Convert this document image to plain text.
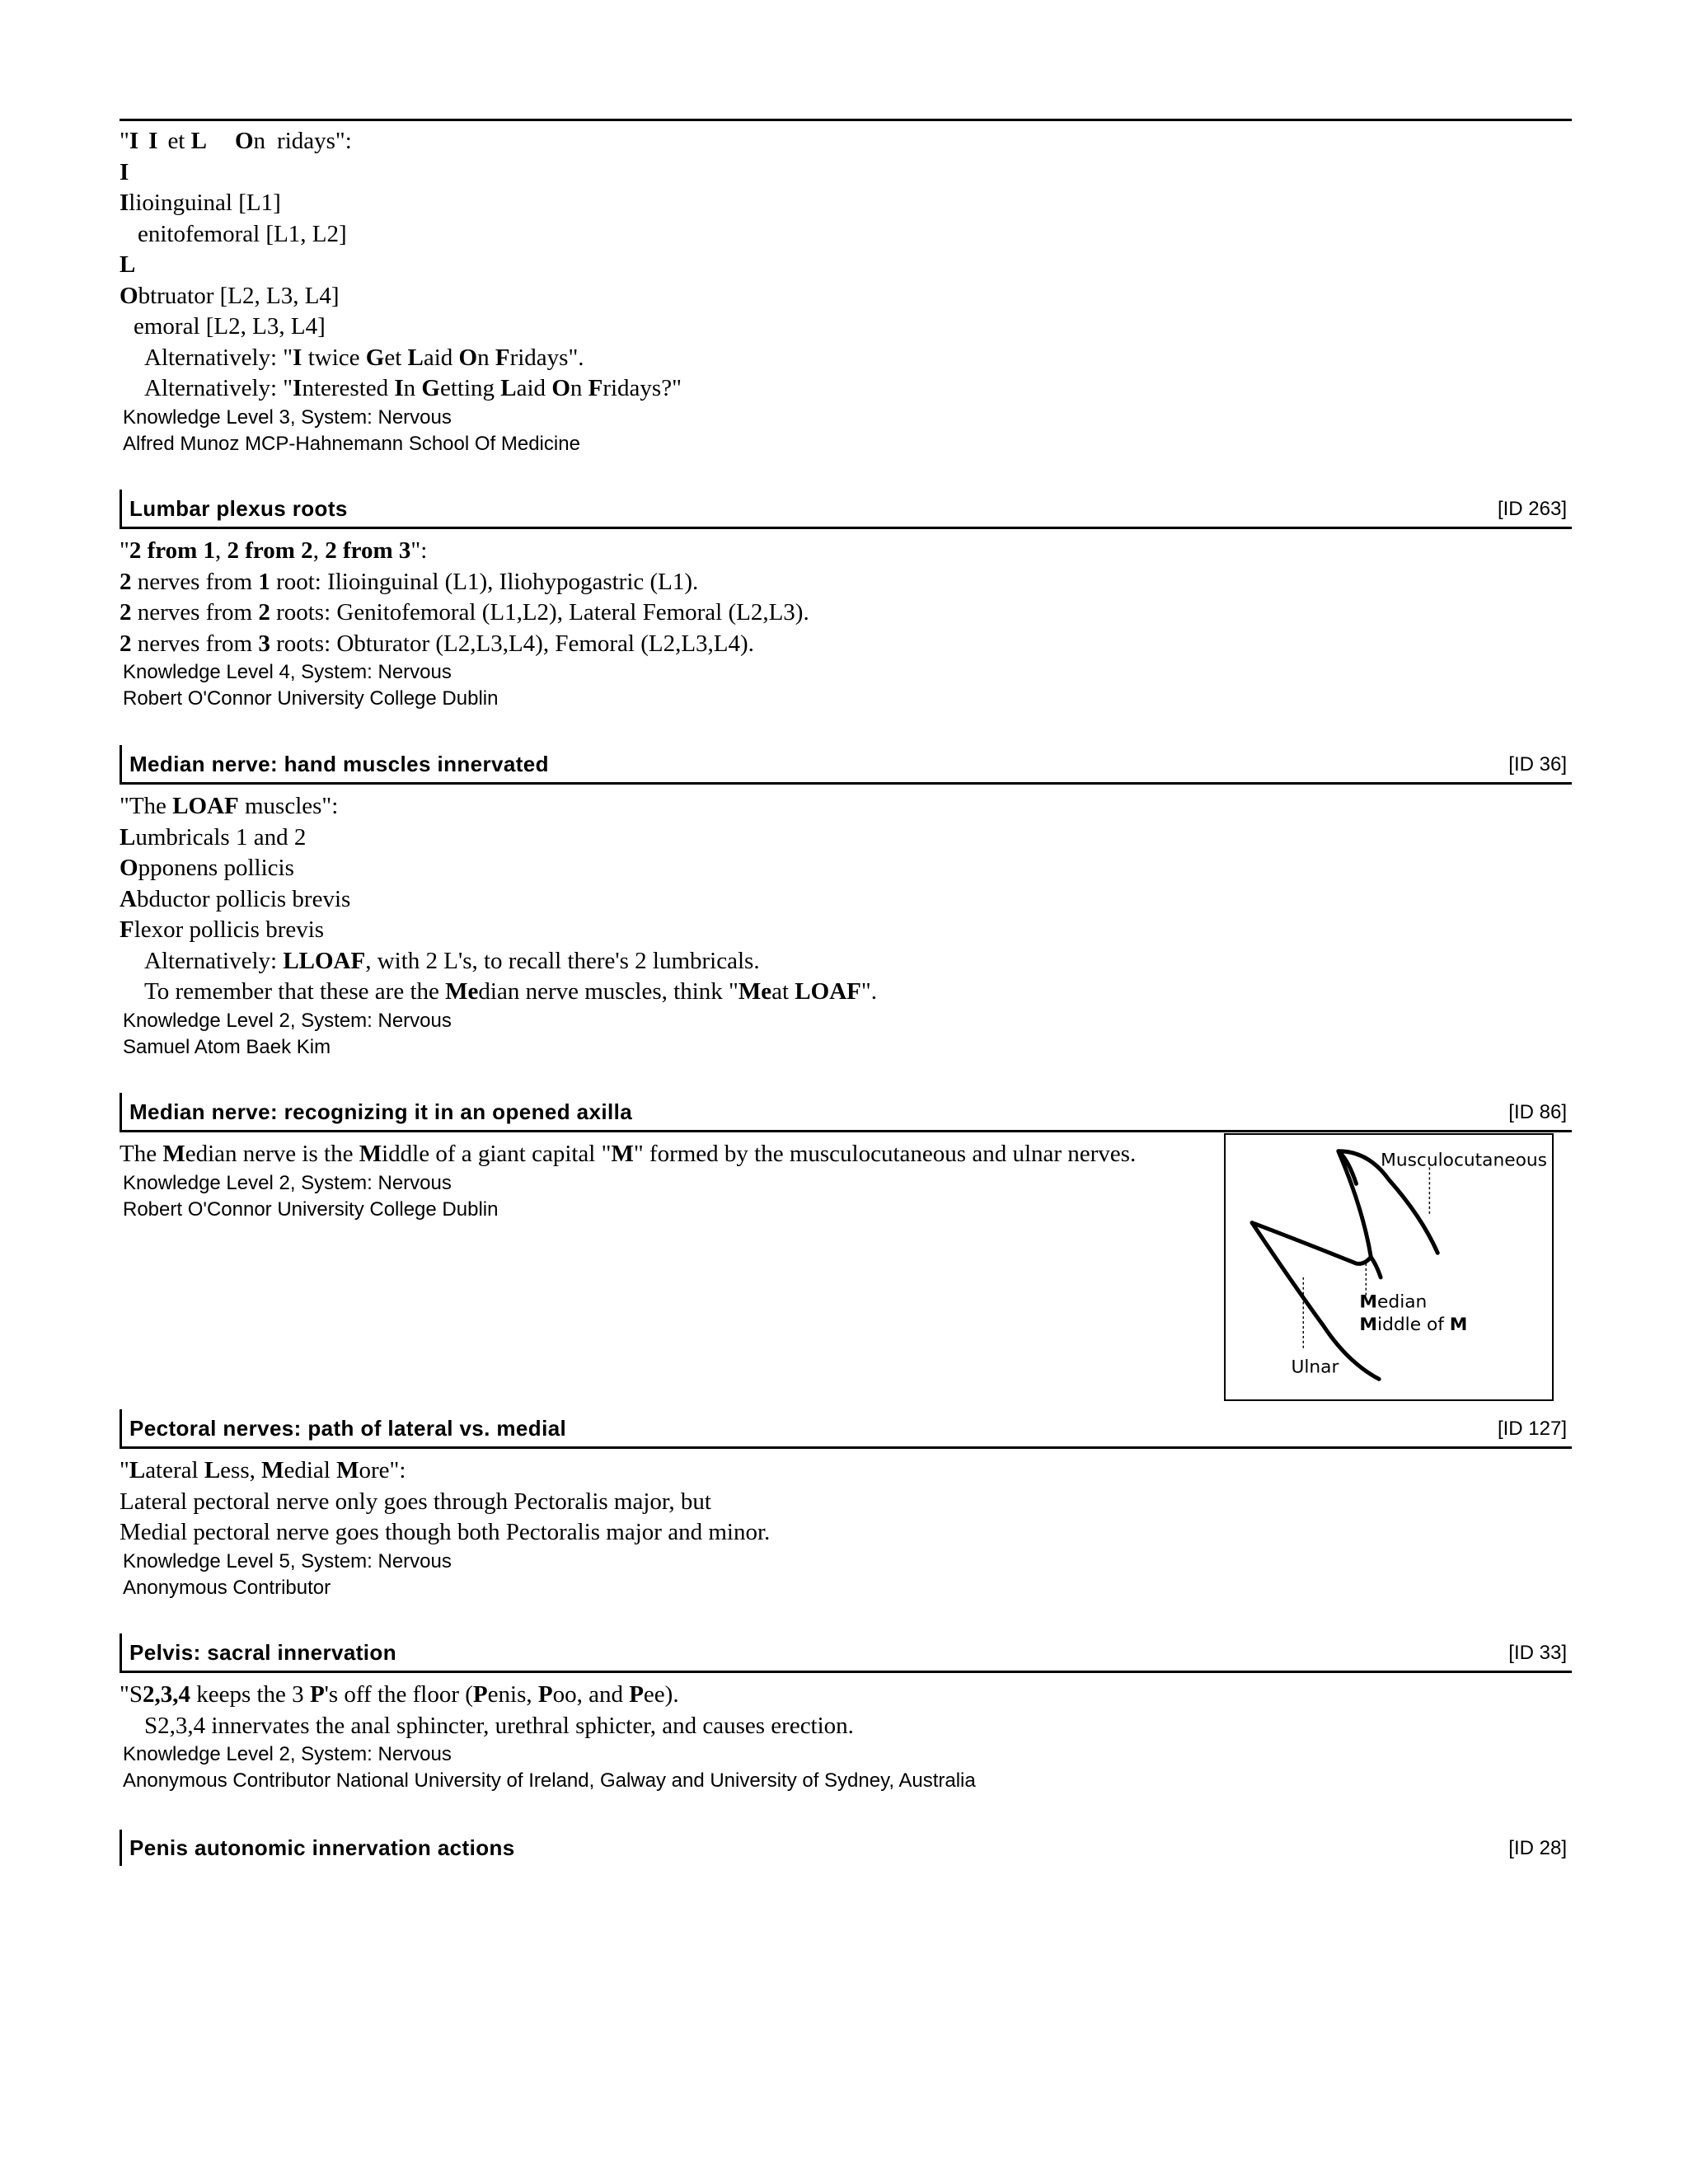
"I I et L On ridays":
I
Ilioinguinal [L1]
enitofemoral [L1, L2]
L
Obtruator [L2, L3, L4]
emoral [L2, L3, L4]
Alternatively: "I twice Get Laid On Fridays".
Alternatively: "Interested In Getting Laid On Fridays?"
Knowledge Level 3, System: Nervous
Alfred Munoz MCP-Hahnemann School Of Medicine
Lumbar plexus roots	[ID 263]
"2 from 1, 2 from 2, 2 from 3":
2 nerves from 1 root: Ilioinguinal (L1), Iliohypogastric (L1).
2 nerves from 2 roots: Genitofemoral (L1,L2), Lateral Femoral (L2,L3).
2 nerves from 3 roots: Obturator (L2,L3,L4), Femoral (L2,L3,L4).
Knowledge Level 4, System: Nervous
Robert O'Connor University College Dublin
Median nerve: hand muscles innervated	[ID 36]
"The LOAF muscles":
Lumbricals 1 and 2
Opponens pollicis
Abductor pollicis brevis
Flexor pollicis brevis
Alternatively: LLOAF, with 2 L's, to recall there's 2 lumbricals.
To remember that these are the Median nerve muscles, think "Meat LOAF".
Knowledge Level 2, System: Nervous
Samuel Atom Baek Kim
Median nerve: recognizing it in an opened axilla	[ID 86]
The Median nerve is the Middle of a giant capital "M" formed by the musculocutaneous and ulnar nerves.
Knowledge Level 2, System: Nervous
Robert O'Connor University College Dublin
Musculocutaneous
Median
Middle of M
Ulnar
Pectoral nerves: path of lateral vs. medial	[ID 127]
"Lateral Less, Medial More":
Lateral pectoral nerve only goes through Pectoralis major, but
Medial pectoral nerve goes though both Pectoralis major and minor.
Knowledge Level 5, System: Nervous
Anonymous Contributor
Pelvis: sacral innervation	[ID 33]
"S2,3,4 keeps the 3 P's off the floor (Penis, Poo, and Pee).
S2,3,4 innervates the anal sphincter, urethral sphicter, and causes erection.
Knowledge Level 2, System: Nervous
Anonymous Contributor National University of Ireland, Galway and University of Sydney, Australia
Penis autonomic innervation actions	[ID 28]
